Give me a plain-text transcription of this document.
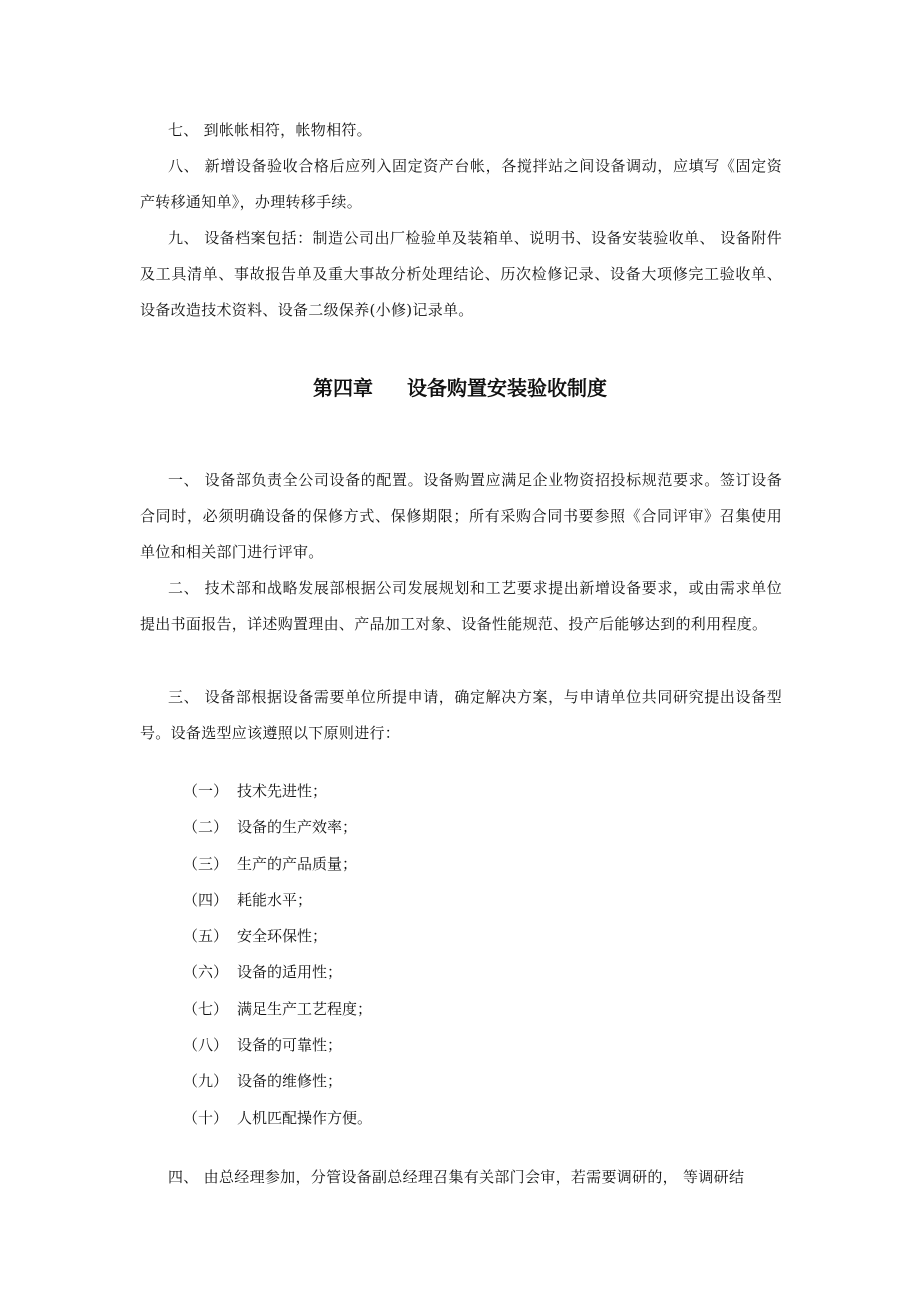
七、 到帐帐相符，帐物相符。

八、 新增设备验收合格后应列入固定资产台帐，各搅拌站之间设备调动，应填写《固定资产转移通知单》，办理转移手续。

九、 设备档案包括：制造公司出厂检验单及装箱单、说明书、设备安装验收单、 设备附件及工具清单、事故报告单及重大事故分析处理结论、历次检修记录、设备大项修完工验收单、设备改造技术资料、设备二级保养(小修)记录单。

第四章 设备购置安装验收制度

一、 设备部负责全公司设备的配置。设备购置应满足企业物资招投标规范要求。签订设备合同时，必须明确设备的保修方式、保修期限；所有采购合同书要参照《合同评审》召集使用单位和相关部门进行评审。

二、 技术部和战略发展部根据公司发展规划和工艺要求提出新增设备要求，或由需求单位提出书面报告，详述购置理由、产品加工对象、设备性能规范、投产后能够达到的利用程度。

三、 设备部根据设备需要单位所提申请，确定解决方案，与申请单位共同研究提出设备型号。设备选型应该遵照以下原则进行：

（一） 技术先进性；
（二） 设备的生产效率；
（三） 生产的产品质量；
（四） 耗能水平；
（五） 安全环保性；
（六） 设备的适用性；
（七） 满足生产工艺程度；
（八） 设备的可靠性；
（九） 设备的维修性；
（十） 人机匹配操作方便。

四、 由总经理参加，分管设备副总经理召集有关部门会审，若需要调研的， 等调研结
